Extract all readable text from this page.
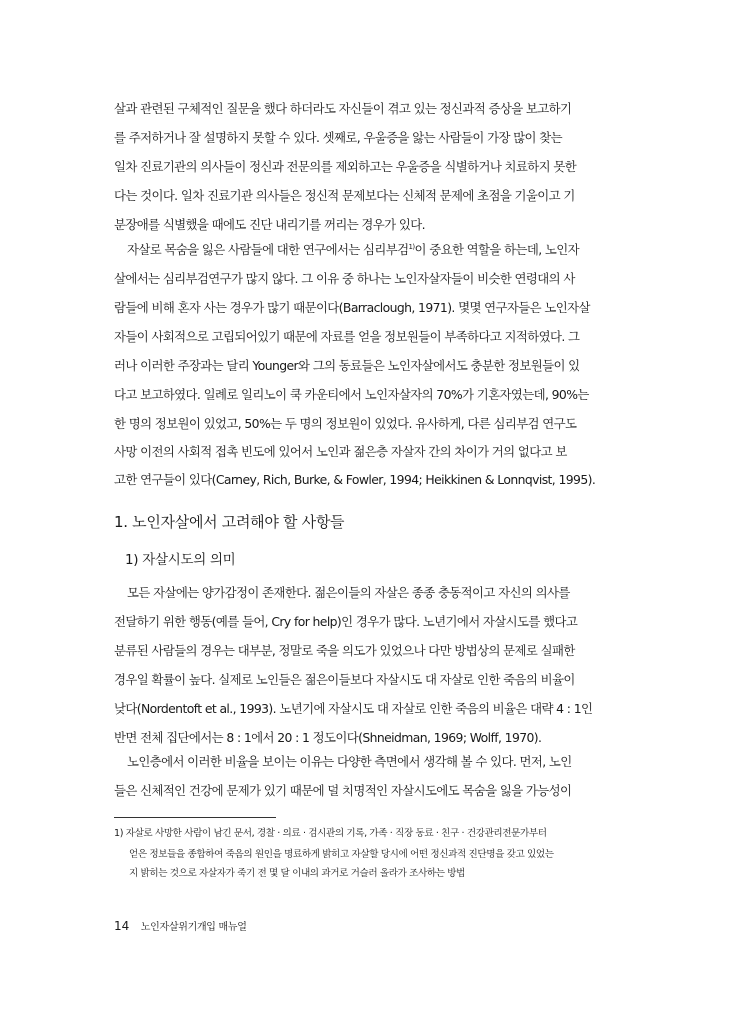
살과 관련된 구체적인 질문을 했다 하더라도 자신들이 겪고 있는 정신과적 증상을 보고하기
를 주저하거나 잘 설명하지 못할 수 있다. 셋째로, 우울증을 앓는 사람들이 가장 많이 찾는
일차 진료기관의 의사들이 정신과 전문의를 제외하고는 우울증을 식별하거나 치료하지 못한
다는 것이다. 일차 진료기관 의사들은 정신적 문제보다는 신체적 문제에 초점을 기울이고 기
분장애를 식별했을 때에도 진단 내리기를 꺼리는 경우가 있다.
자살로 목숨을 잃은 사람들에 대한 연구에서는 심리부검$^{1)}$이 중요한 역할을 하는데, 노인자
살에서는 심리부검연구가 많지 않다. 그 이유 중 하나는 노인자살자들이 비슷한 연령대의 사
람들에 비해 혼자 사는 경우가 많기 때문이다(Barraclough, 1971). 몇몇 연구자들은 노인자살
자들이 사회적으로 고립되어있기 때문에 자료를 얻을 정보원들이 부족하다고 지적하였다. 그
러나 이러한 주장과는 달리 Younger와 그의 동료들은 노인자살에서도 충분한 정보원들이 있
다고 보고하였다. 일례로 일리노이 쿡 카운티에서 노인자살자의 70%가 기혼자였는데, 90%는
한 명의 정보원이 있었고, 50%는 두 명의 정보원이 있었다. 유사하게, 다른 심리부검 연구도
사망 이전의 사회적 접촉 빈도에 있어서 노인과 젊은층 자살자 간의 차이가 거의 없다고 보
고한 연구들이 있다(Carney, Rich, Burke, & Fowler, 1994; Heikkinen & Lonnqvist, 1995).
1. 노인자살에서 고려해야 할 사항들
1) 자살시도의 의미
모든 자살에는 양가감정이 존재한다. 젊은이들의 자살은 종종 충동적이고 자신의 의사를
전달하기 위한 행동(예를 들어, Cry for help)인 경우가 많다. 노년기에서 자살시도를 했다고
분류된 사람들의 경우는 대부분, 정말로 죽을 의도가 있었으나 다만 방법상의 문제로 실패한
경우일 확률이 높다. 실제로 노인들은 젊은이들보다 자살시도 대 자살로 인한 죽음의 비율이
낮다(Nordentoft et al., 1993). 노년기에 자살시도 대 자살로 인한 죽음의 비율은 대략 4 : 1인
반면 전체 집단에서는 8 : 1에서 20 : 1 정도이다(Shneidman, 1969; Wolff, 1970).
노인층에서 이러한 비율을 보이는 이유는 다양한 측면에서 생각해 볼 수 있다. 먼저, 노인
들은 신체적인 건강에 문제가 있기 때문에 덜 치명적인 자살시도에도 목숨을 잃을 가능성이
1) 자살로 사망한 사람이 남긴 문서, 경찰 · 의료 · 검시관의 기록, 가족 · 직장 동료 · 친구 · 건강관리전문가부터
얻은 정보들을 종합하여 죽음의 원인을 명료하게 밝히고 자살할 당시에 어떤 정신과적 진단명을 갖고 있었는
지 밝히는 것으로 자살자가 죽기 전 몇 달 이내의 과거로 거슬러 올라가 조사하는 방법
14 노인자살위기개입 매뉴얼
